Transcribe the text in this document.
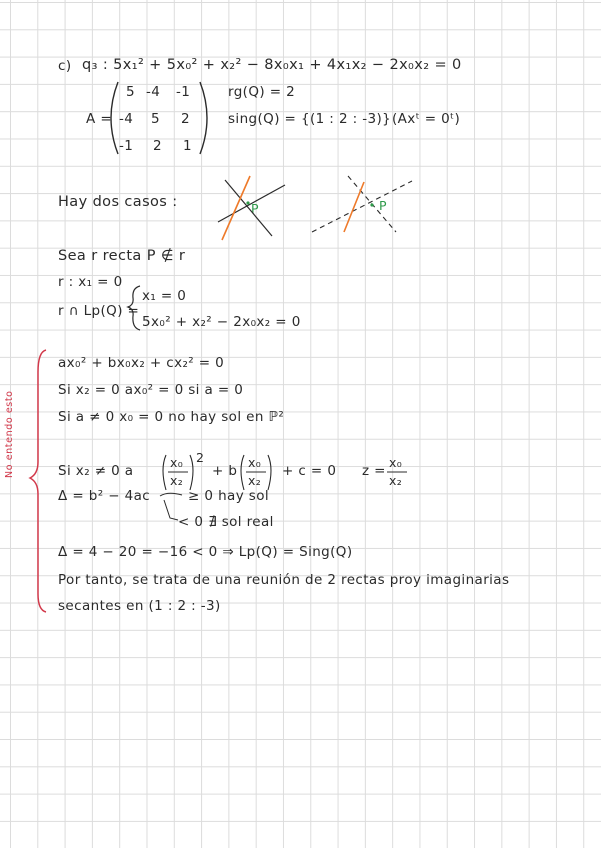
No entendo esto
c) q₃ : 5x₁² + 5x₀² + x₂² − 8x₀x₁ + 4x₁x₂ − 2x₀x₂ = 0
A =
5 -4 -1
-4 5 2
-1 2 1
rg(Q) = 2
sing(Q) = {(1 : 2 : -3)} (Axᵗ = 0ᵗ)
Hay dos casos :	P	P
Sea r recta P ∉ r
r : x₁ = 0
r ∩ Lp(Q) =
x₁ = 0
5x₀² + x₂² − 2x₀x₂ = 0
ax₀² + bx₀x₂ + cx₂² = 0
Si x₂ = 0 ax₀² = 0 si a = 0
Si a ≠ 0 x₀ = 0 no hay sol en ℙ²
Si x₂ ≠ 0 a
x₀
x₂
2
+ b
x₀
x₂
+ c = 0 z =
x₀
x₂
Δ = b² − 4ac	≥ 0 hay sol
< 0 ∄ sol real
Δ = 4 − 20 = −16 < 0 ⇒ Lp(Q) = Sing(Q)
Por tanto, se trata de una reunión de 2 rectas proy imaginarias
secantes en (1 : 2 : -3)
